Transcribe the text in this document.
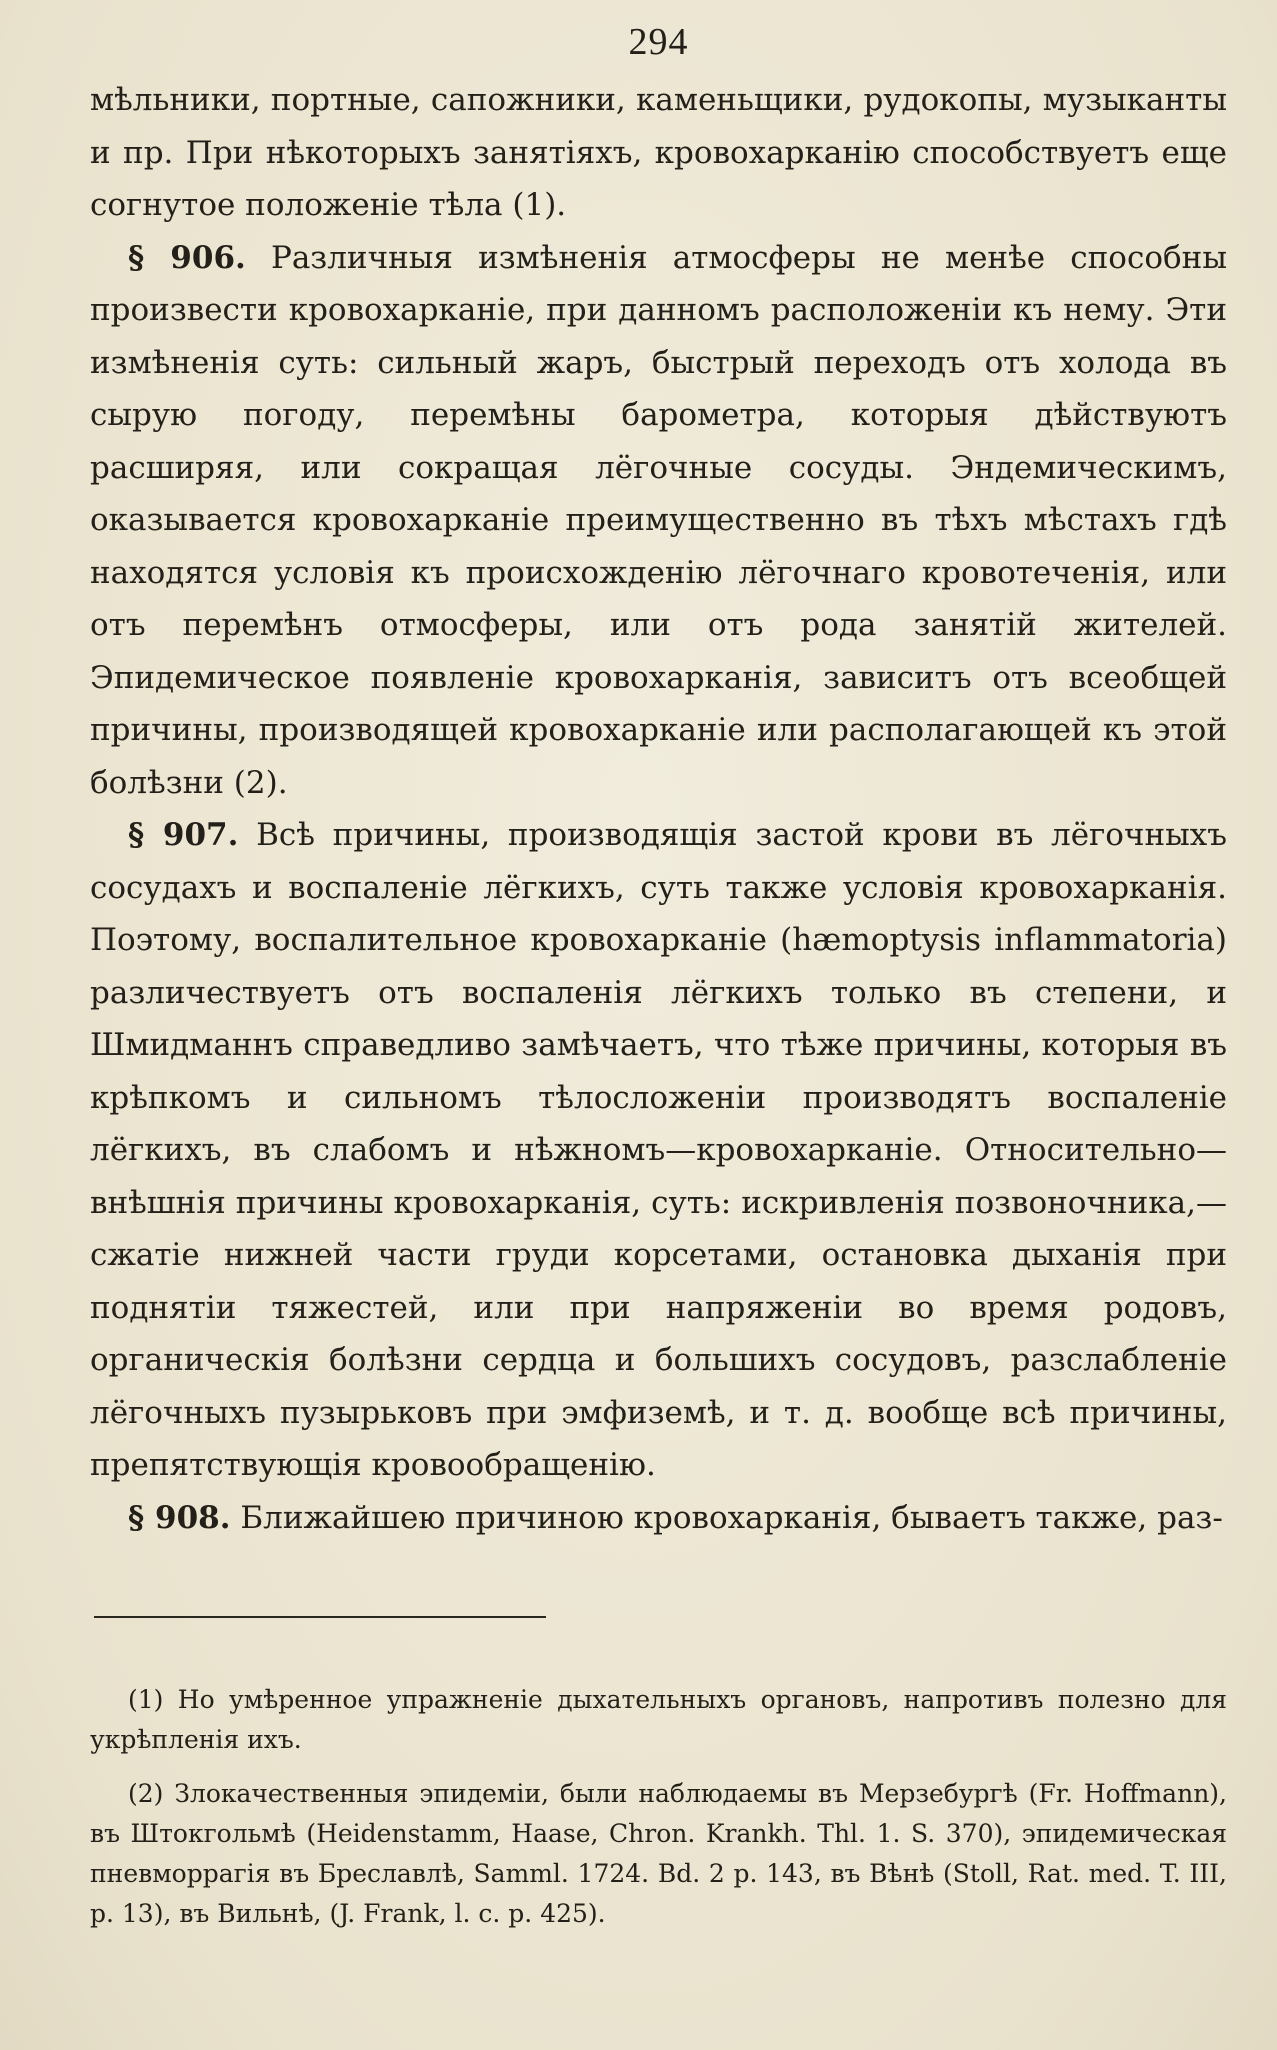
294

мѣльники, портные, сапожники, каменьщики, рудокопы, музыканты и пр. При нѣкоторыхъ занятіяхъ, кровохарканію способствуетъ еще согнутое положеніе тѣла (1).

§ 906. Различныя измѣненія атмосферы не менѣе способны произвести кровохарканіе, при данномъ расположеніи къ нему. Эти измѣненія суть: сильный жаръ, быстрый переходъ отъ холода въ сырую погоду, перемѣны барометра, которыя дѣйствуютъ расширяя, или сокращая лёгочные сосуды. Эндемическимъ, оказывается кровохарканіе преимущественно въ тѣхъ мѣстахъ гдѣ находятся условія къ происхожденію лёгочнаго кровотеченія, или отъ перемѣнъ отмосферы, или отъ рода занятій жителей. Эпидемическое появленіе кровохарканія, зависитъ отъ всеобщей причины, производящей кровохарканіе или располагающей къ этой болѣзни (2).

§ 907. Всѣ причины, производящія застой крови въ лёгочныхъ сосудахъ и воспаленіе лёгкихъ, суть также условія кровохарканія. Поэтому, воспалительное кровохарканіе (hæmoptysis inflammatoria) различествуетъ отъ воспаленія лёгкихъ только въ степени, и Шмидманнъ справедливо замѣчаетъ, что тѣже причины, которыя въ крѣпкомъ и сильномъ тѣлосложеніи производятъ воспаленіе лёгкихъ, въ слабомъ и нѣжномъ—кровохарканіе. Относительно—внѣшнія причины кровохарканія, суть: искривленія позвоночника,— сжатіе нижней части груди корсетами, остановка дыханія при поднятіи тяжестей, или при напряженіи во время родовъ, органическія болѣзни сердца и большихъ сосудовъ, разслабленіе лёгочныхъ пузырьковъ при эмфиземѣ, и т. д. вообще всѣ причины, препятствующія кровообращенію.

§ 908. Ближайшею причиною кровохарканія, бываетъ также, раз-

(1) Но умѣренное упражненіе дыхательныхъ органовъ, напротивъ полезно для укрѣпленія ихъ.

(2) Злокачественныя эпидеміи, были наблюдаемы въ Мерзебургѣ (Fr. Hoffmann), въ Штокгольмѣ (Heidenstamm, Haase, Chron. Krankh. Thl. 1. S. 370), эпидемическая пневморрагія въ Бреславлѣ, Samml. 1724. Bd. 2 p. 143, въ Вѣнѣ (Stoll, Rat. med. T. III, p. 13), въ Вильнѣ, (J. Frank, l. c. p. 425).
